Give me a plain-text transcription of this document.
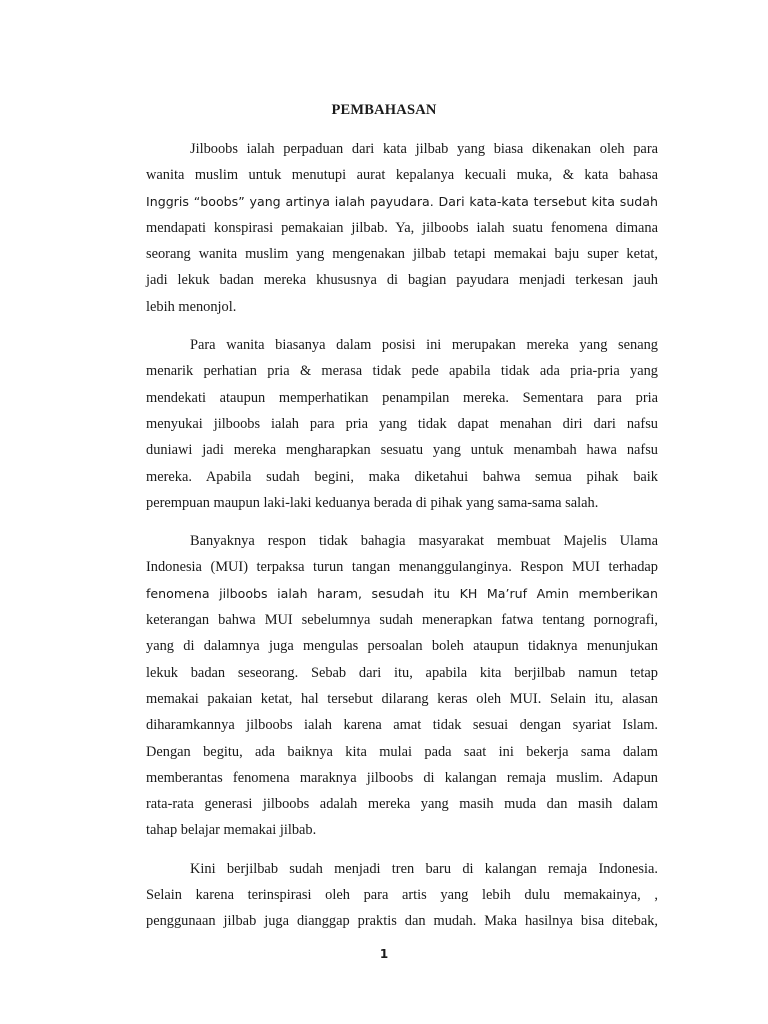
PEMBAHASAN
Jilboobs ialah perpaduan dari kata jilbab yang biasa dikenakan oleh para
wanita muslim untuk menutupi aurat kepalanya kecuali muka, & kata bahasa
Inggris “boobs” yang artinya ialah payudara. Dari kata-kata tersebut kita sudah
mendapati konspirasi pemakaian jilbab. Ya, jilboobs ialah suatu fenomena dimana
seorang wanita muslim yang mengenakan jilbab tetapi memakai baju super ketat,
jadi lekuk badan mereka khususnya di bagian payudara menjadi terkesan jauh
lebih menonjol.
Para wanita biasanya dalam posisi ini merupakan mereka yang senang
menarik perhatian pria & merasa tidak pede apabila tidak ada pria-pria yang
mendekati ataupun memperhatikan penampilan mereka. Sementara para pria
menyukai jilboobs ialah para pria yang tidak dapat menahan diri dari nafsu
duniawi jadi mereka mengharapkan sesuatu yang untuk menambah hawa nafsu
mereka. Apabila sudah begini, maka diketahui bahwa semua pihak baik
perempuan maupun laki-laki keduanya berada di pihak yang sama-sama salah.
Banyaknya respon tidak bahagia masyarakat membuat Majelis Ulama
Indonesia (MUI) terpaksa turun tangan menanggulanginya. Respon MUI terhadap
fenomena jilboobs ialah haram, sesudah itu KH Ma’ruf Amin memberikan
keterangan bahwa MUI sebelumnya sudah menerapkan fatwa tentang pornografi,
yang di dalamnya juga mengulas persoalan boleh ataupun tidaknya menunjukan
lekuk badan seseorang. Sebab dari itu, apabila kita berjilbab namun tetap
memakai pakaian ketat, hal tersebut dilarang keras oleh MUI. Selain itu, alasan
diharamkannya jilboobs ialah karena amat tidak sesuai dengan syariat Islam.
Dengan begitu, ada baiknya kita mulai pada saat ini bekerja sama dalam
memberantas fenomena maraknya jilboobs di kalangan remaja muslim. Adapun
rata-rata generasi jilboobs adalah mereka yang masih muda dan masih dalam
tahap belajar memakai jilbab.
Kini berjilbab sudah menjadi tren baru di kalangan remaja Indonesia.
Selain karena terinspirasi oleh para artis yang lebih dulu memakainya, ,
penggunaan jilbab juga dianggap praktis dan mudah. Maka hasilnya bisa ditebak,
1
